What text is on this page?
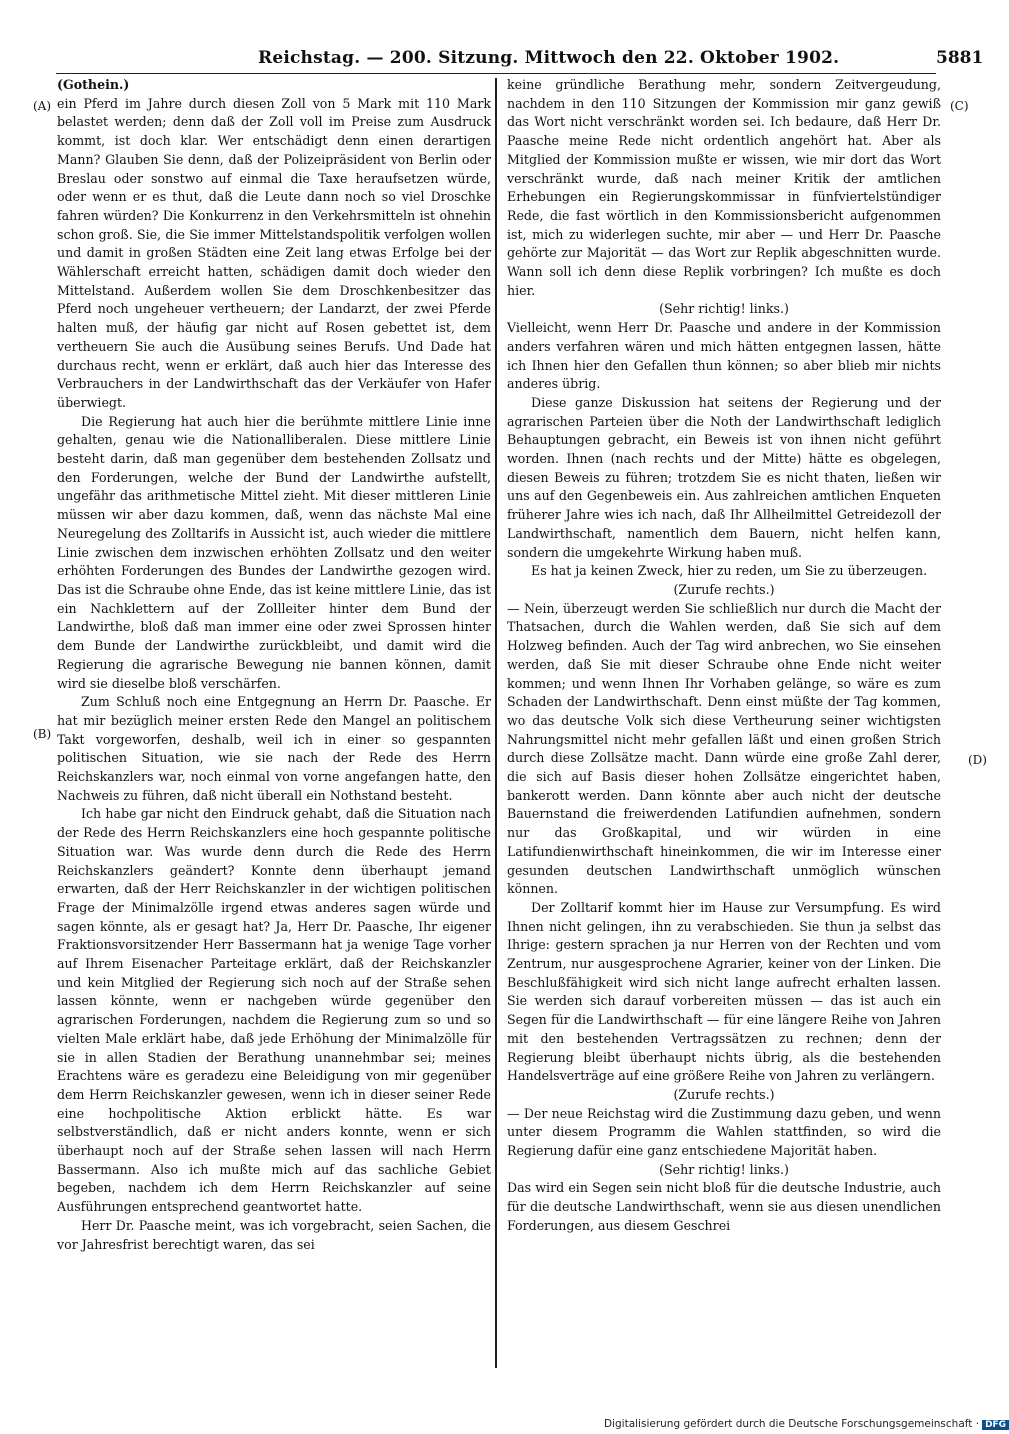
Reichstag. — 200. Sitzung. Mittwoch den 22. Oktober 1902.	5881
(A)
(B)
(C)
(D)
(Gothein.)

ein Pferd im Jahre durch diesen Zoll von 5 Mark mit 110 Mark belastet werden; denn daß der Zoll voll im Preise zum Ausdruck kommt, ist doch klar. Wer entschädigt denn einen derartigen Mann? Glauben Sie denn, daß der Polizeipräsident von Berlin oder Breslau oder sonstwo auf einmal die Taxe heraufsetzen würde, oder wenn er es thut, daß die Leute dann noch so viel Droschke fahren würden? Die Konkurrenz in den Verkehrsmitteln ist ohnehin schon groß. Sie, die Sie immer Mittelstandspolitik verfolgen wollen und damit in großen Städten eine Zeit lang etwas Erfolge bei der Wählerschaft erreicht hatten, schädigen damit doch wieder den Mittelstand. Außerdem wollen Sie dem Droschkenbesitzer das Pferd noch ungeheuer vertheuern; der Landarzt, der zwei Pferde halten muß, der häufig gar nicht auf Rosen gebettet ist, dem vertheuern Sie auch die Ausübung seines Berufs. Und Dade hat durchaus recht, wenn er erklärt, daß auch hier das Interesse des Verbrauchers in der Landwirthschaft das der Verkäufer von Hafer überwiegt.

Die Regierung hat auch hier die berühmte mittlere Linie inne gehalten, genau wie die Nationalliberalen. Diese mittlere Linie besteht darin, daß man gegenüber dem bestehenden Zollsatz und den Forderungen, welche der Bund der Landwirthe aufstellt, ungefähr das arithmetische Mittel zieht. Mit dieser mittleren Linie müssen wir aber dazu kommen, daß, wenn das nächste Mal eine Neuregelung des Zolltarifs in Aussicht ist, auch wieder die mittlere Linie zwischen dem inzwischen erhöhten Zollsatz und den weiter erhöhten Forderungen des Bundes der Landwirthe gezogen wird. Das ist die Schraube ohne Ende, das ist keine mittlere Linie, das ist ein Nachklettern auf der Zollleiter hinter dem Bund der Landwirthe, bloß daß man immer eine oder zwei Sprossen hinter dem Bunde der Landwirthe zurückbleibt, und damit wird die Regierung die agrarische Bewegung nie bannen können, damit wird sie dieselbe bloß verschärfen.

Zum Schluß noch eine Entgegnung an Herrn Dr. Paasche. Er hat mir bezüglich meiner ersten Rede den Mangel an politischem Takt vorgeworfen, deshalb, weil ich in einer so gespannten politischen Situation, wie sie nach der Rede des Herrn Reichskanzlers war, noch einmal von vorne angefangen hatte, den Nachweis zu führen, daß nicht überall ein Nothstand besteht.

Ich habe gar nicht den Eindruck gehabt, daß die Situation nach der Rede des Herrn Reichskanzlers eine hoch gespannte politische Situation war. Was wurde denn durch die Rede des Herrn Reichskanzlers geändert? Konnte denn überhaupt jemand erwarten, daß der Herr Reichskanzler in der wichtigen politischen Frage der Minimalzölle irgend etwas anderes sagen würde und sagen könnte, als er gesagt hat? Ja, Herr Dr. Paasche, Ihr eigener Fraktionsvorsitzender Herr Bassermann hat ja wenige Tage vorher auf Ihrem Eisenacher Parteitage erklärt, daß der Reichskanzler und kein Mitglied der Regierung sich noch auf der Straße sehen lassen könnte, wenn er nachgeben würde gegenüber den agrarischen Forderungen, nachdem die Regierung zum so und so vielten Male erklärt habe, daß jede Erhöhung der Minimalzölle für sie in allen Stadien der Berathung unannehmbar sei; meines Erachtens wäre es geradezu eine Beleidigung von mir gegenüber dem Herrn Reichskanzler gewesen, wenn ich in dieser seiner Rede eine hochpolitische Aktion erblickt hätte. Es war selbstverständlich, daß er nicht anders konnte, wenn er sich überhaupt noch auf der Straße sehen lassen will nach Herrn Bassermann. Also ich mußte mich auf das sachliche Gebiet begeben, nachdem ich dem Herrn Reichskanzler auf seine Ausführungen entsprechend geantwortet hatte.

Herr Dr. Paasche meint, was ich vorgebracht, seien Sachen, die vor Jahresfrist berechtigt waren, das sei

keine gründliche Berathung mehr, sondern Zeitvergeudung, nachdem in den 110 Sitzungen der Kommission mir ganz gewiß das Wort nicht verschränkt worden sei. Ich bedaure, daß Herr Dr. Paasche meine Rede nicht ordentlich angehört hat. Aber als Mitglied der Kommission mußte er wissen, wie mir dort das Wort verschränkt wurde, daß nach meiner Kritik der amtlichen Erhebungen ein Regierungskommissar in fünfviertelstündiger Rede, die fast wörtlich in den Kommissionsbericht aufgenommen ist, mich zu widerlegen suchte, mir aber — und Herr Dr. Paasche gehörte zur Majorität — das Wort zur Replik abgeschnitten wurde. Wann soll ich denn diese Replik vorbringen? Ich mußte es doch hier.

(Sehr richtig! links.)

Vielleicht, wenn Herr Dr. Paasche und andere in der Kommission anders verfahren wären und mich hätten entgegnen lassen, hätte ich Ihnen hier den Gefallen thun können; so aber blieb mir nichts anderes übrig.

Diese ganze Diskussion hat seitens der Regierung und der agrarischen Parteien über die Noth der Landwirthschaft lediglich Behauptungen gebracht, ein Beweis ist von ihnen nicht geführt worden. Ihnen (nach rechts und der Mitte) hätte es obgelegen, diesen Beweis zu führen; trotzdem Sie es nicht thaten, ließen wir uns auf den Gegenbeweis ein. Aus zahlreichen amtlichen Enqueten früherer Jahre wies ich nach, daß Ihr Allheilmittel Getreidezoll der Landwirthschaft, namentlich dem Bauern, nicht helfen kann, sondern die umgekehrte Wirkung haben muß.

Es hat ja keinen Zweck, hier zu reden, um Sie zu überzeugen.

(Zurufe rechts.)

— Nein, überzeugt werden Sie schließlich nur durch die Macht der Thatsachen, durch die Wahlen werden, daß Sie sich auf dem Holzweg befinden. Auch der Tag wird anbrechen, wo Sie einsehen werden, daß Sie mit dieser Schraube ohne Ende nicht weiter kommen; und wenn Ihnen Ihr Vorhaben gelänge, so wäre es zum Schaden der Landwirthschaft. Denn einst müßte der Tag kommen, wo das deutsche Volk sich diese Vertheurung seiner wichtigsten Nahrungsmittel nicht mehr gefallen läßt und einen großen Strich durch diese Zollsätze macht. Dann würde eine große Zahl derer, die sich auf Basis dieser hohen Zollsätze eingerichtet haben, bankerott werden. Dann könnte aber auch nicht der deutsche Bauernstand die freiwerdenden Latifundien aufnehmen, sondern nur das Großkapital, und wir würden in eine Latifundienwirthschaft hineinkommen, die wir im Interesse einer gesunden deutschen Landwirthschaft unmöglich wünschen können.

Der Zolltarif kommt hier im Hause zur Versumpfung. Es wird Ihnen nicht gelingen, ihn zu verabschieden. Sie thun ja selbst das Ihrige: gestern sprachen ja nur Herren von der Rechten und vom Zentrum, nur ausgesprochene Agrarier, keiner von der Linken. Die Beschlußfähigkeit wird sich nicht lange aufrecht erhalten lassen. Sie werden sich darauf vorbereiten müssen — das ist auch ein Segen für die Landwirthschaft — für eine längere Reihe von Jahren mit den bestehenden Vertragssätzen zu rechnen; denn der Regierung bleibt überhaupt nichts übrig, als die bestehenden Handelsverträge auf eine größere Reihe von Jahren zu verlängern.

(Zurufe rechts.)

— Der neue Reichstag wird die Zustimmung dazu geben, und wenn unter diesem Programm die Wahlen stattfinden, so wird die Regierung dafür eine ganz entschiedene Majorität haben.

(Sehr richtig! links.)

Das wird ein Segen sein nicht bloß für die deutsche Industrie, auch für die deutsche Landwirthschaft, wenn sie aus diesen unendlichen Forderungen, aus diesem Geschrei

Digitalisierung gefördert durch die Deutsche Forschungsgemeinschaft · DFG
